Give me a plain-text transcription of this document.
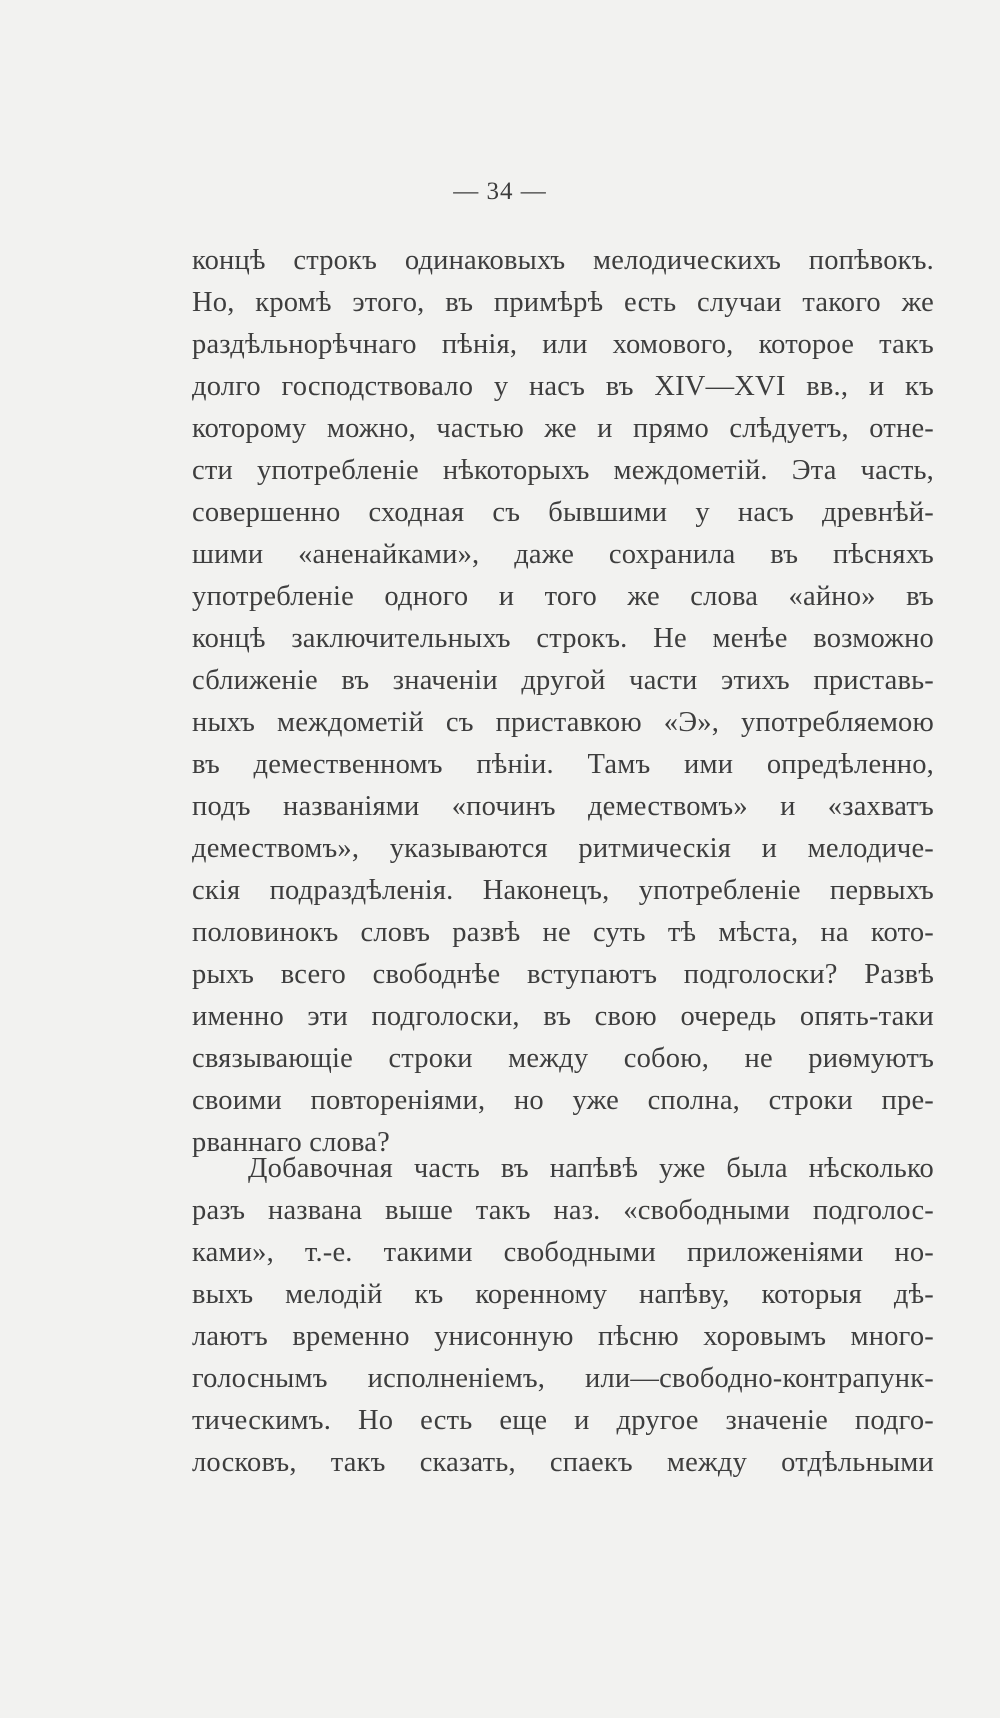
— 34 —
концѣ строкъ одинаковыхъ мелодическихъ попѣвокъ.
Но, кромѣ этого, въ примѣрѣ есть случаи такого же
раздѣльнорѣчнаго пѣнія, или хомового, которое такъ
долго господствовало у насъ въ XIV—XVI вв., и къ
которому можно, частью же и прямо слѣдуетъ, отне-
сти употребленіе нѣкоторыхъ междометій. Эта часть,
совершенно сходная съ бывшими у насъ древнѣй-
шими «аненайками», даже сохранила въ пѣсняхъ
употребленіе одного и того же слова «айно» въ
концѣ заключительныхъ строкъ. Не менѣе возможно
сближеніе въ значеніи другой части этихъ приставь-
ныхъ междометій съ приставкою «Э», употребляемою
въ демественномъ пѣніи. Тамъ ими опредѣленно,
подъ названіями «починъ демествомъ» и «захватъ
демествомъ», указываются ритмическія и мелодиче-
скія подраздѣленія. Наконецъ, употребленіе первыхъ
половинокъ словъ развѣ не суть тѣ мѣста, на кото-
рыхъ всего свободнѣе вступаютъ подголоски? Развѣ
именно эти подголоски, въ свою очередь опять-таки
связывающіе строки между собою, не риѳмуютъ
своими повтореніями, но уже сполна, строки пре-
рваннаго слова?
Добавочная часть въ напѣвѣ уже была нѣсколько
разъ названа выше такъ наз. «свободными подголос-
ками», т.-е. такими свободными приложеніями но-
выхъ мелодій къ коренному напѣву, которыя дѣ-
лаютъ временно унисонную пѣсню хоровымъ много-
голоснымъ исполненіемъ, или—свободно-контрапунк-
тическимъ. Но есть еще и другое значеніе подго-
лосковъ, такъ сказать, спаекъ между отдѣльными
